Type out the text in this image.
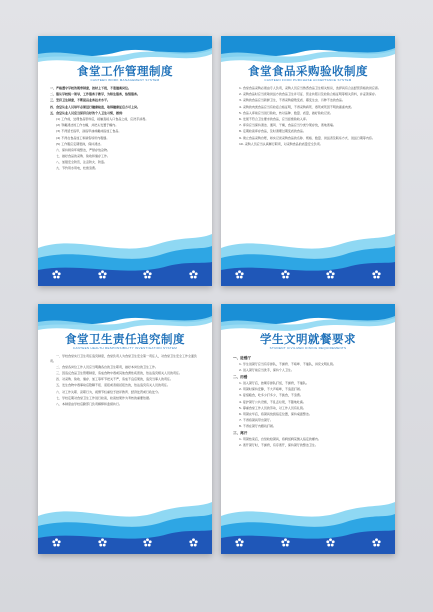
食堂工作管理制度
CANTEEN WORK MANAGEMENT SYSTEM

一、严格遵守学校的规章制度，按时上下班，不准擅离岗位。

二、服从学校统一领导，工作服务于教学，为师生服务，热情服务。

三、坚持卫生制度，不断提高业务技术水平。

四、食堂从业人员每年必须进行健康检查，取得健康证后方可上岗。

五、食堂从业人员应当保持良好的个人卫生习惯，做到：

(1) 工作前，处理食品原料后，接触直接入口食品之前，应洗手消毒。

(2) 穿戴清洁的工作衣帽，并把头发置于帽内。

(3) 不得留长指甲，涂指甲油或戴戒指加工食品。

(4) 不得在食品加工和销售场所内吸烟。

(5) 工作服应定期更换，保持清洁。

六、保持厨房环境整洁，严禁存放杂物。

七、做好食品的采购、验收和储存工作。

八、加强安全防范，注意防火、防盗。

九、节约用水用电，杜绝浪费。

食堂食品采购验收制度
CANTEEN FOOD PURCHASE ACCEPTANCE SYSTEM

1. 食堂食品采购必须由专人负责，采购人员应当熟悉食品卫生相关知识，选择具有合法经营资格的供应商。

2. 采购食品时应当索取供货方的食品卫生许可证、营业执照以及检验合格证明等相关资料，并妥善保存。

3. 采购的食品应当新鲜卫生，不得采购腐败变质、霉变生虫、污秽不洁的食品。

4. 采购的肉类食品应当有检疫合格证明，不得采购病死、毒死或死因不明的畜禽肉类。

5. 食品入库前应当进行验收，核对品种、数量、质量，做好验收记录。

6. 发现不符合卫生要求的食品，应当拒绝验收入库。

7. 库房应当保持清洁、通风、干燥，食品应当分类分架存放，离地离墙。

8. 定期检查库存食品，及时清理过期变质的食品。

9. 建立食品采购台账，如实记录采购食品的名称、规格、数量、供货者及联系方式、进货日期等内容。

10. 采购人员应当认真履行职责，对采购食品的质量安全负责。

食堂卫生责任追究制度
CANTEEN HEALTH RESPONSIBILITY INVESTIGATION SYSTEM

一、学校食堂实行卫生责任追究制度，食堂负责人为食堂卫生安全第一责任人，对食堂卫生安全工作全面负责。

二、食堂各岗位工作人员应当明确各自的卫生职责，做好本岗位的卫生工作。

三、因违反食品卫生管理制度，造成食物中毒或其他食源性疾患的，依法追究相关人员的责任。

四、对采购、验收、储存、加工等环节把关不严，造成不良后果的，追究当事人的责任。

五、发生食物中毒事故后隐瞒不报、谎报或者拖延报告的，依法追究有关人员的责任。

六、对工作失职、渎职行为，视情节轻重给予批评教育、经济处罚或行政处分。

七、学校定期对食堂卫生工作进行检查，检查结果作为考核的重要依据。

八、本制度由学校后勤部门负责解释和监督执行。

学生文明就餐要求
STUDENT CIVILIZED DINING REQUIREMENTS
一、进餐厅

1. 学生进餐厅应当有序排队，不拥挤、不喧哗、不插队，讲究文明礼貌。

2. 进入餐厅前应当洗手，保持个人卫生。

二、用餐

1. 进入餐厅后，按顺序排队打饭，不拥挤，不插队。

2. 用餐时保持安静，不大声喧哗，不追逐打闹。

3. 爱惜粮食，吃多少打多少，不挑食，不浪费。

4. 爱护餐厅公共设施，不乱丢垃圾，不随地吐痰。

5. 尊重食堂工作人员的劳动，对工作人员有礼貌。

6. 用餐完毕后，将餐具放到指定位置，保持桌面整洁。

7. 不得将餐具带出餐厅。

8. 不得在餐厅内嬉戏打闹。

三、离开

1. 用餐结束后，自觉收拾餐具，将剩饭剩菜倒入指定的桶内。

2. 离开餐厅时，不拥挤，有序离开，保持餐厅的整洁卫生。
